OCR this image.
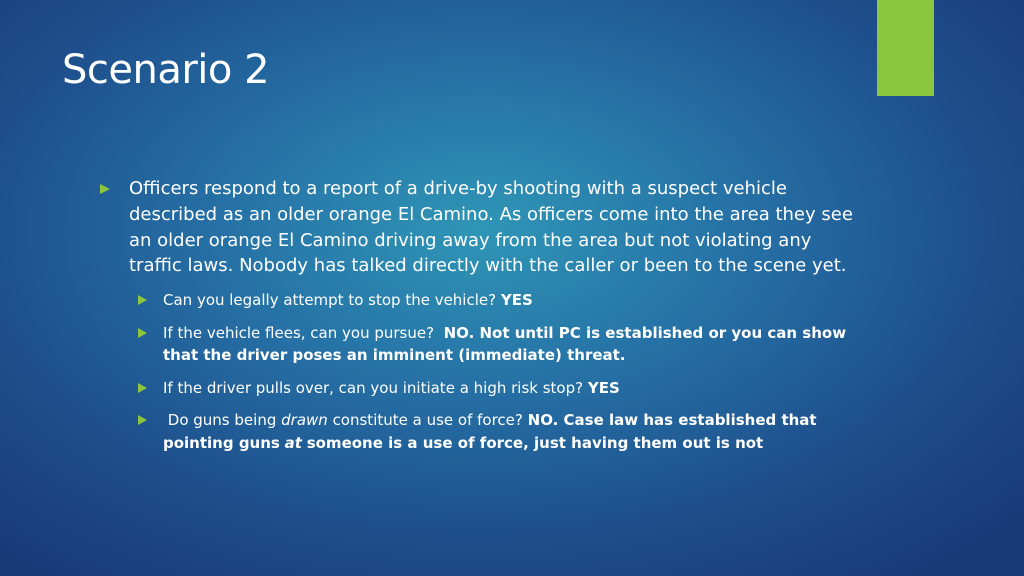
Scenario 2

Officers respond to a report of a drive-by shooting with a suspect vehicle described as an older orange El Camino. As officers come into the area they see an older orange El Camino driving away from the area but not violating any traffic laws. Nobody has talked directly with the caller or been to the scene yet.

Can you legally attempt to stop the vehicle? YES

If the vehicle flees, can you pursue? NO. Not until PC is established or you can show that the driver poses an imminent (immediate) threat.

If the driver pulls over, can you initiate a high risk stop? YES

Do guns being drawn constitute a use of force? NO. Case law has established that pointing guns at someone is a use of force, just having them out is not
